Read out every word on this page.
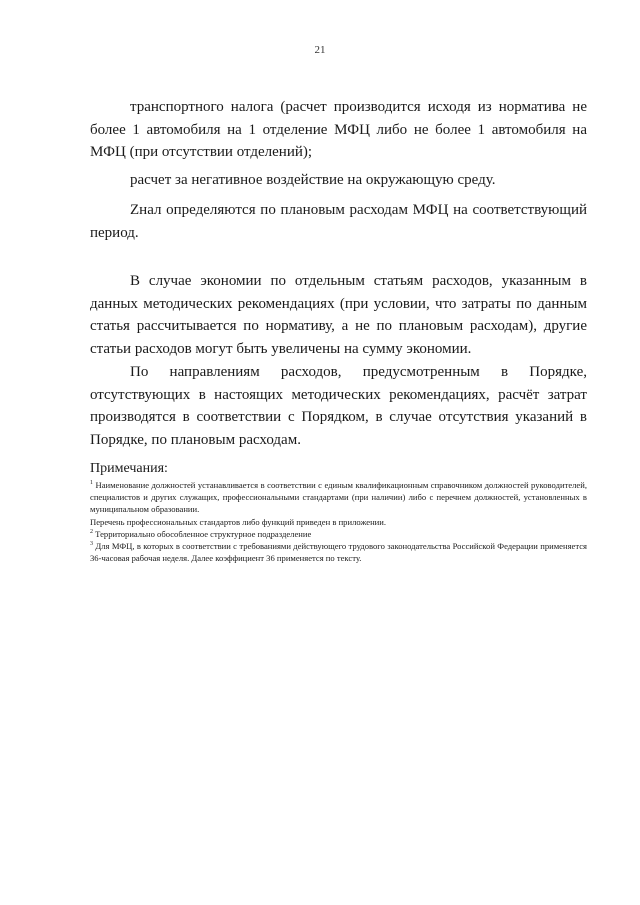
21

транспортного налога (расчет производится исходя из норматива не более 1 автомобиля на 1 отделение МФЦ либо не более 1 автомобиля на МФЦ (при отсутствии отделений);

расчет за негативное воздействие на окружающую среду.

Zнал определяются по плановым расходам МФЦ на соответствующий период.

В случае экономии по отдельным статьям расходов, указанным в данных методических рекомендациях (при условии, что затраты по данным статья рассчитывается по нормативу, а не по плановым расходам), другие статьи расходов могут быть увеличены на сумму экономии.

По направлениям расходов, предусмотренным в Порядке, отсутствующих в настоящих методических рекомендациях, расчёт затрат производятся в соответствии с Порядком, в случае отсутствия указаний в Порядке, по плановым расходам.

Примечания:

$^1$ Наименование должностей устанавливается в соответствии с единым квалификационным справочником должностей руководителей, специалистов и других служащих, профессиональными стандартами (при наличии) либо с перечнем должностей, установленных в муниципальном образовании.

Перечень профессиональных стандартов либо функций приведен в приложении.

$^2$ Территориально обособленное структурное подразделение

$^3$ Для МФЦ, в которых в соответствии с требованиями действующего трудового законодательства Российской Федерации применяется 36-часовая рабочая неделя. Далее коэффициент 36 применяется по тексту.
